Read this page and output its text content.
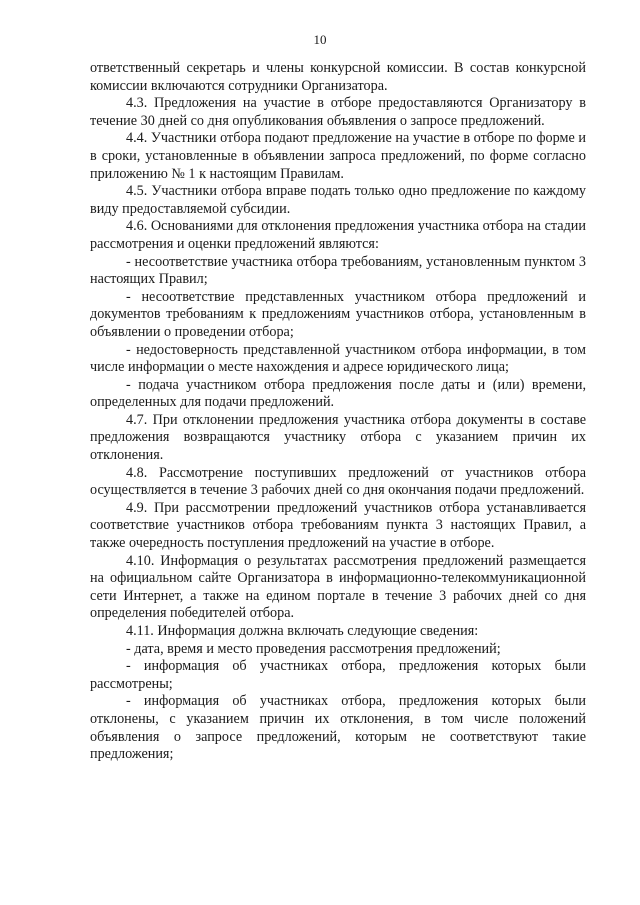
10

ответственный секретарь и члены конкурсной комиссии. В состав конкурсной комиссии включаются сотрудники Организатора.

4.3. Предложения на участие в отборе предоставляются Организатору в течение 30 дней со дня опубликования объявления о запросе предложений.

4.4. Участники отбора подают предложение на участие в отборе по форме и в сроки, установленные в объявлении запроса предложений, по форме согласно приложению № 1 к настоящим Правилам.

4.5. Участники отбора вправе подать только одно предложение по каждому виду предоставляемой субсидии.

4.6. Основаниями для отклонения предложения участника отбора на стадии рассмотрения и оценки предложений являются:

- несоответствие участника отбора требованиям, установленным пунктом 3 настоящих Правил;

- несоответствие представленных участником отбора предложений и документов требованиям к предложениям участников отбора, установленным в объявлении о проведении отбора;

- недостоверность представленной участником отбора информации, в том числе информации о месте нахождения и адресе юридического лица;

- подача участником отбора предложения после даты и (или) времени, определенных для подачи предложений.

4.7. При отклонении предложения участника отбора документы в составе предложения возвращаются участнику отбора с указанием причин их отклонения.

4.8. Рассмотрение поступивших предложений от участников отбора осуществляется в течение 3 рабочих дней со дня окончания подачи предложений.

4.9. При рассмотрении предложений участников отбора устанавливается соответствие участников отбора требованиям пункта 3 настоящих Правил, а также очередность поступления предложений на участие в отборе.

4.10. Информация о результатах рассмотрения предложений размещается на официальном сайте Организатора в информационно-телекоммуникационной сети Интернет, а также на едином портале в течение 3 рабочих дней со дня определения победителей отбора.

4.11. Информация должна включать следующие сведения:

- дата, время и место проведения рассмотрения предложений;

- информация об участниках отбора, предложения которых были рассмотрены;

- информация об участниках отбора, предложения которых были отклонены, с указанием причин их отклонения, в том числе положений объявления о запросе предложений, которым не соответствуют такие предложения;
